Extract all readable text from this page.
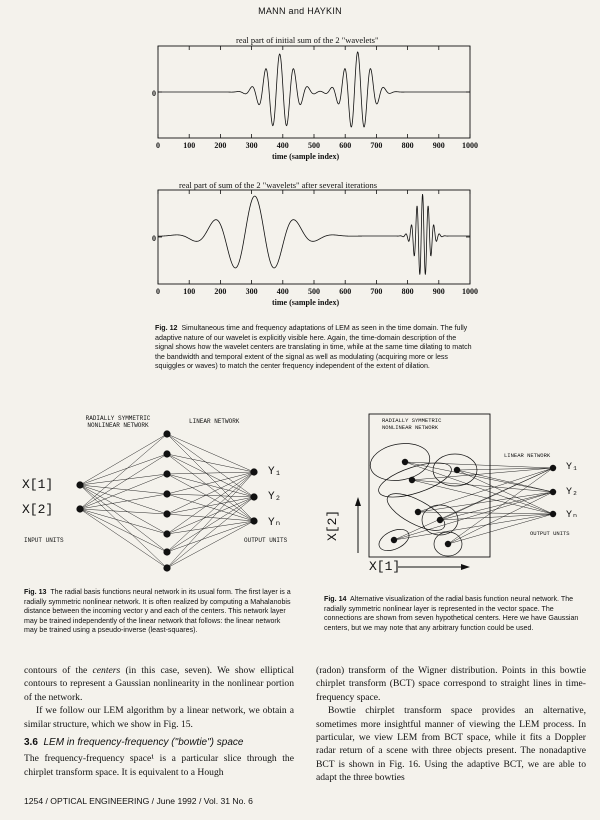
MANN and HAYKIN
real part of initial sum of the 2 "wavelets"
0
0	100	200	300	400	500	600	700	800	900	1000
time (sample index)
real part of sum of the 2 "wavelets" after several iterations
0
0	100	200	300	400	500	600	700	800	900	1000
time (sample index)
Fig. 12 Simultaneous time and frequency adaptations of LEM as seen in the time domain. The fully adaptive nature of our wavelet is explicitly visible here. Again, the time-domain description of the signal shows how the wavelet centers are translating in time, while at the same time dilating to match the bandwidth and temporal extent of the signal as well as modulating (acquiring more or less squiggles or waves) to match the center frequency independent of the extent of dilation.
RADIALLY SYMMETRIC
NONLINEAR NETWORK
LINEAR NETWORK
X[1]
X[2]
Y₁
Y₂
Yₙ
INPUT UNITS	OUTPUT UNITS
Fig. 13 The radial basis functions neural network in its usual form. The first layer is a radially symmetric nonlinear network. It is often realized by computing a Mahalanobis distance between the incoming vector y and each of the centers. This network layer may be trained independently of the linear network that follows: the linear network may be trained using a pseudo-inverse (least-squares).
RADIALLY SYMMETRIC
NONLINEAR NETWORK
LINEAR NETWORK
Y₁
Y₂
Yₙ
OUTPUT UNITS
X[2]
X[1]
Fig. 14 Alternative visualization of the radial basis function neural network. The radially symmetric nonlinear layer is represented in the vector space. The connections are shown from seven hypothetical centers. Here we have Gaussian centers, but we may note that any arbitrary function could be used.
contours of the centers (in this case, seven). We show elliptical contours to represent a Gaussian nonlinearity in the nonlinear portion of the network.
If we follow our LEM algorithm by a linear network, we obtain a similar structure, which we show in Fig. 15.
3.6 LEM in frequency-frequency ("bowtie") space
The frequency-frequency space¹ is a particular slice through the chirplet transform space. It is equivalent to a Hough
(radon) transform of the Wigner distribution. Points in this bowtie chirplet transform (BCT) space correspond to straight lines in time-frequency space.
Bowtie chirplet transform space provides an alternative, sometimes more insightful manner of viewing the LEM process. In particular, we view LEM from BCT space, while it fits a Doppler radar return of a scene with three objects present. The nonadaptive BCT is shown in Fig. 16. Using the adaptive BCT, we are able to adapt the three bowties
1254 / OPTICAL ENGINEERING / June 1992 / Vol. 31 No. 6
